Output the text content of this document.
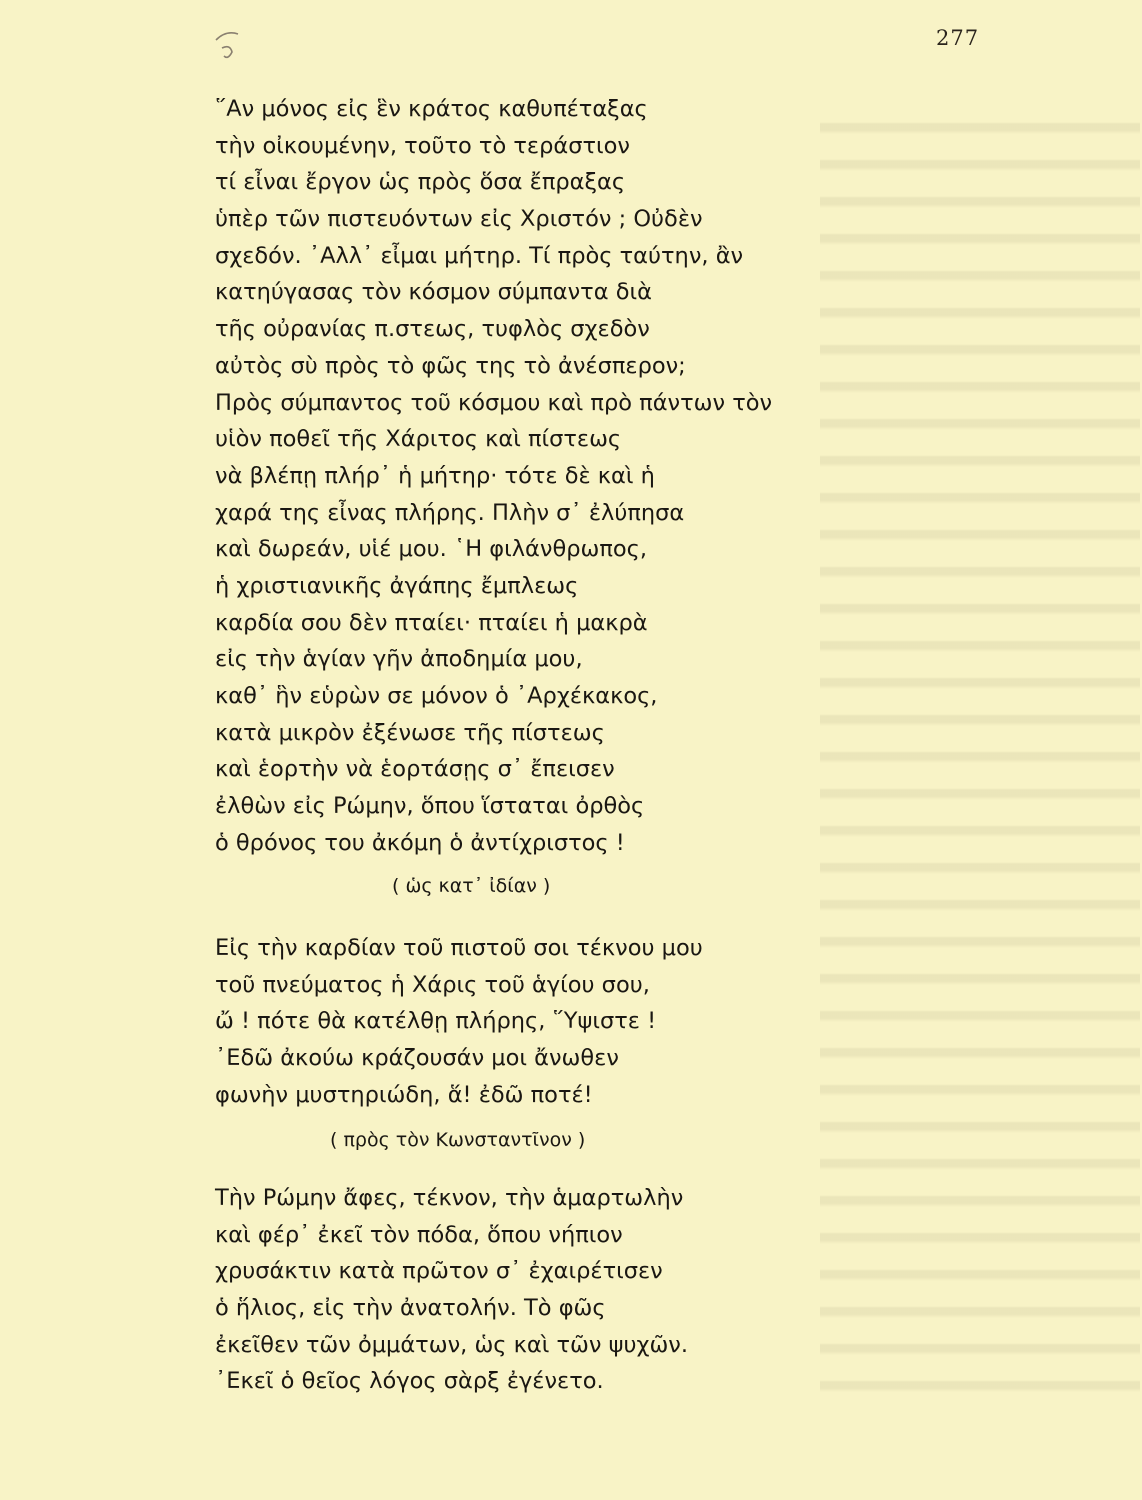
277
῞Αν μόνος εἰς ἓν κράτος καθυπέταξας
τὴν οἰκουμένην, τοῦτο τὸ τεράστιον
τί εἶναι ἔργον ὡς πρὸς ὅσα ἔπραξας
ὑπὲρ τῶν πιστευόντων εἰς Χριστόν ; Οὐδὲν
σχεδόν. ᾿Αλλ᾿ εἶμαι μήτηρ. Τί πρὸς ταύτην, ἂν
κατηύγασας τὸν κόσμον σύμπαντα διὰ
τῆς οὐρανίας π.στεως, τυφλὸς σχεδὸν
αὐτὸς σὺ πρὸς τὸ φῶς της τὸ ἀνέσπερον;
Πρὸς σύμπαντος τοῦ κόσμου καὶ πρὸ πάντων τὸν
υἱὸν ποθεῖ τῆς Χάριτος καὶ πίστεως
νὰ βλέπῃ πλήρ᾿ ἡ μήτηρ· τότε δὲ καὶ ἡ
χαρά της εἶνας πλήρης. Πλὴν σ᾿ ἐλύπησα
καὶ δωρεάν, υἱέ μου. ῾Η φιλάνθρωπος,
ἡ χριστιανικῆς ἀγάπης ἔμπλεως
καρδία σου δὲν πταίει· πταίει ἡ μακρὰ
εἰς τὴν ἁγίαν γῆν ἀποδημία μου,
καθ᾿ ἣν εὑρὼν σε μόνον ὁ ᾿Αρχέκακος,
κατὰ μικρὸν ἐξένωσε τῆς πίστεως
καὶ ἑορτὴν νὰ ἑορτάσῃς σ᾿ ἔπεισεν
ἐλθὼν εἰς Ρώμην, ὅπου ἵσταται ὀρθὸς
ὁ θρόνος του ἀκόμη ὁ ἀντίχριστος !
( ὡς κατ᾿ ἰδίαν )
Εἰς τὴν καρδίαν τοῦ πιστοῦ σοι τέκνου μου
τοῦ πνεύματος ἡ Χάρις τοῦ ἁγίου σου,
ὤ ! πότε θὰ κατέλθῃ πλήρης, ῞Υψιστε !
᾿Εδῶ ἀκούω κράζουσάν μοι ἄνωθεν
φωνὴν μυστηριώδη, ἅ! ἐδῶ ποτέ!
( πρὸς τὸν Κωνσταντῖνον )
Τὴν Ρώμην ἄφες, τέκνον, τὴν ἁμαρτωλὴν
καὶ φέρ᾿ ἐκεῖ τὸν πόδα, ὅπου νήπιον
χρυσάκτιν κατὰ πρῶτον σ᾿ ἐχαιρέτισεν
ὁ ἥλιος, εἰς τὴν ἀνατολήν. Τὸ φῶς
ἐκεῖθεν τῶν ὀμμάτων, ὡς καὶ τῶν ψυχῶν.
᾿Εκεῖ ὁ θεῖος λόγος σὰρξ ἐγένετο.
